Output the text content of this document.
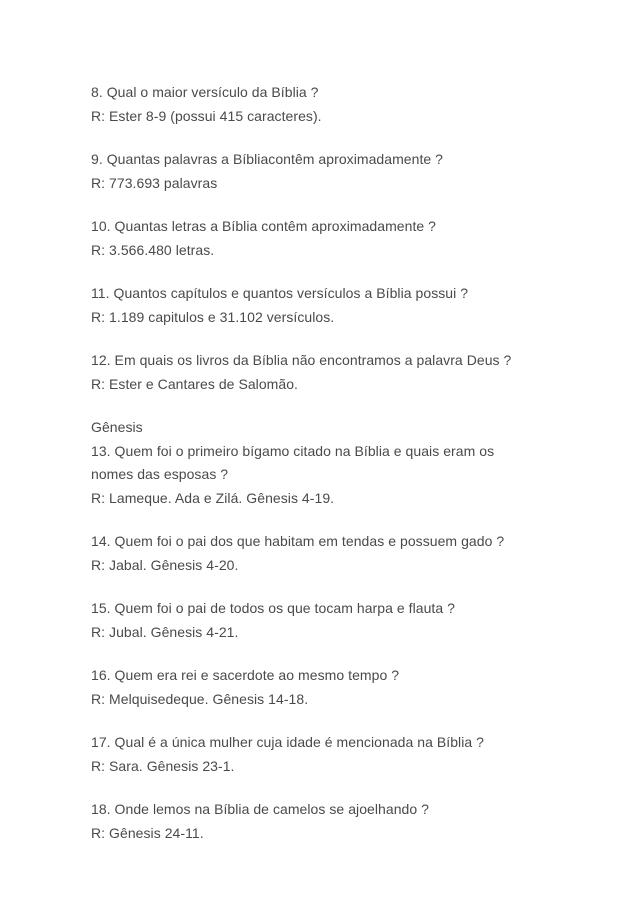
8. Qual o maior versículo da Bíblia ?
R: Ester 8-9 (possui 415 caracteres).
9. Quantas palavras a Bíbliacontêm aproximadamente ?
R: 773.693 palavras
10. Quantas letras a Bíblia contêm aproximadamente ?
R: 3.566.480 letras.
11. Quantos capítulos e quantos versículos a Bíblia possui ?
R: 1.189 capitulos e 31.102 versículos.
12. Em quais os livros da Bíblia não encontramos a palavra Deus ?
R: Ester e Cantares de Salomão.
Gênesis
13. Quem foi o primeiro bígamo citado na Bíblia e quais eram os
nomes das esposas ?
R: Lameque. Ada e Zilá. Gênesis 4-19.
14. Quem foi o pai dos que habitam em tendas e possuem gado ?
R: Jabal. Gênesis 4-20.
15. Quem foi o pai de todos os que tocam harpa e flauta ?
R: Jubal. Gênesis 4-21.
16. Quem era rei e sacerdote ao mesmo tempo ?
R: Melquisedeque. Gênesis 14-18.
17. Qual é a única mulher cuja idade é mencionada na Bíblia ?
R: Sara. Gênesis 23-1.
18. Onde lemos na Bíblia de camelos se ajoelhando ?
R: Gênesis 24-11.
